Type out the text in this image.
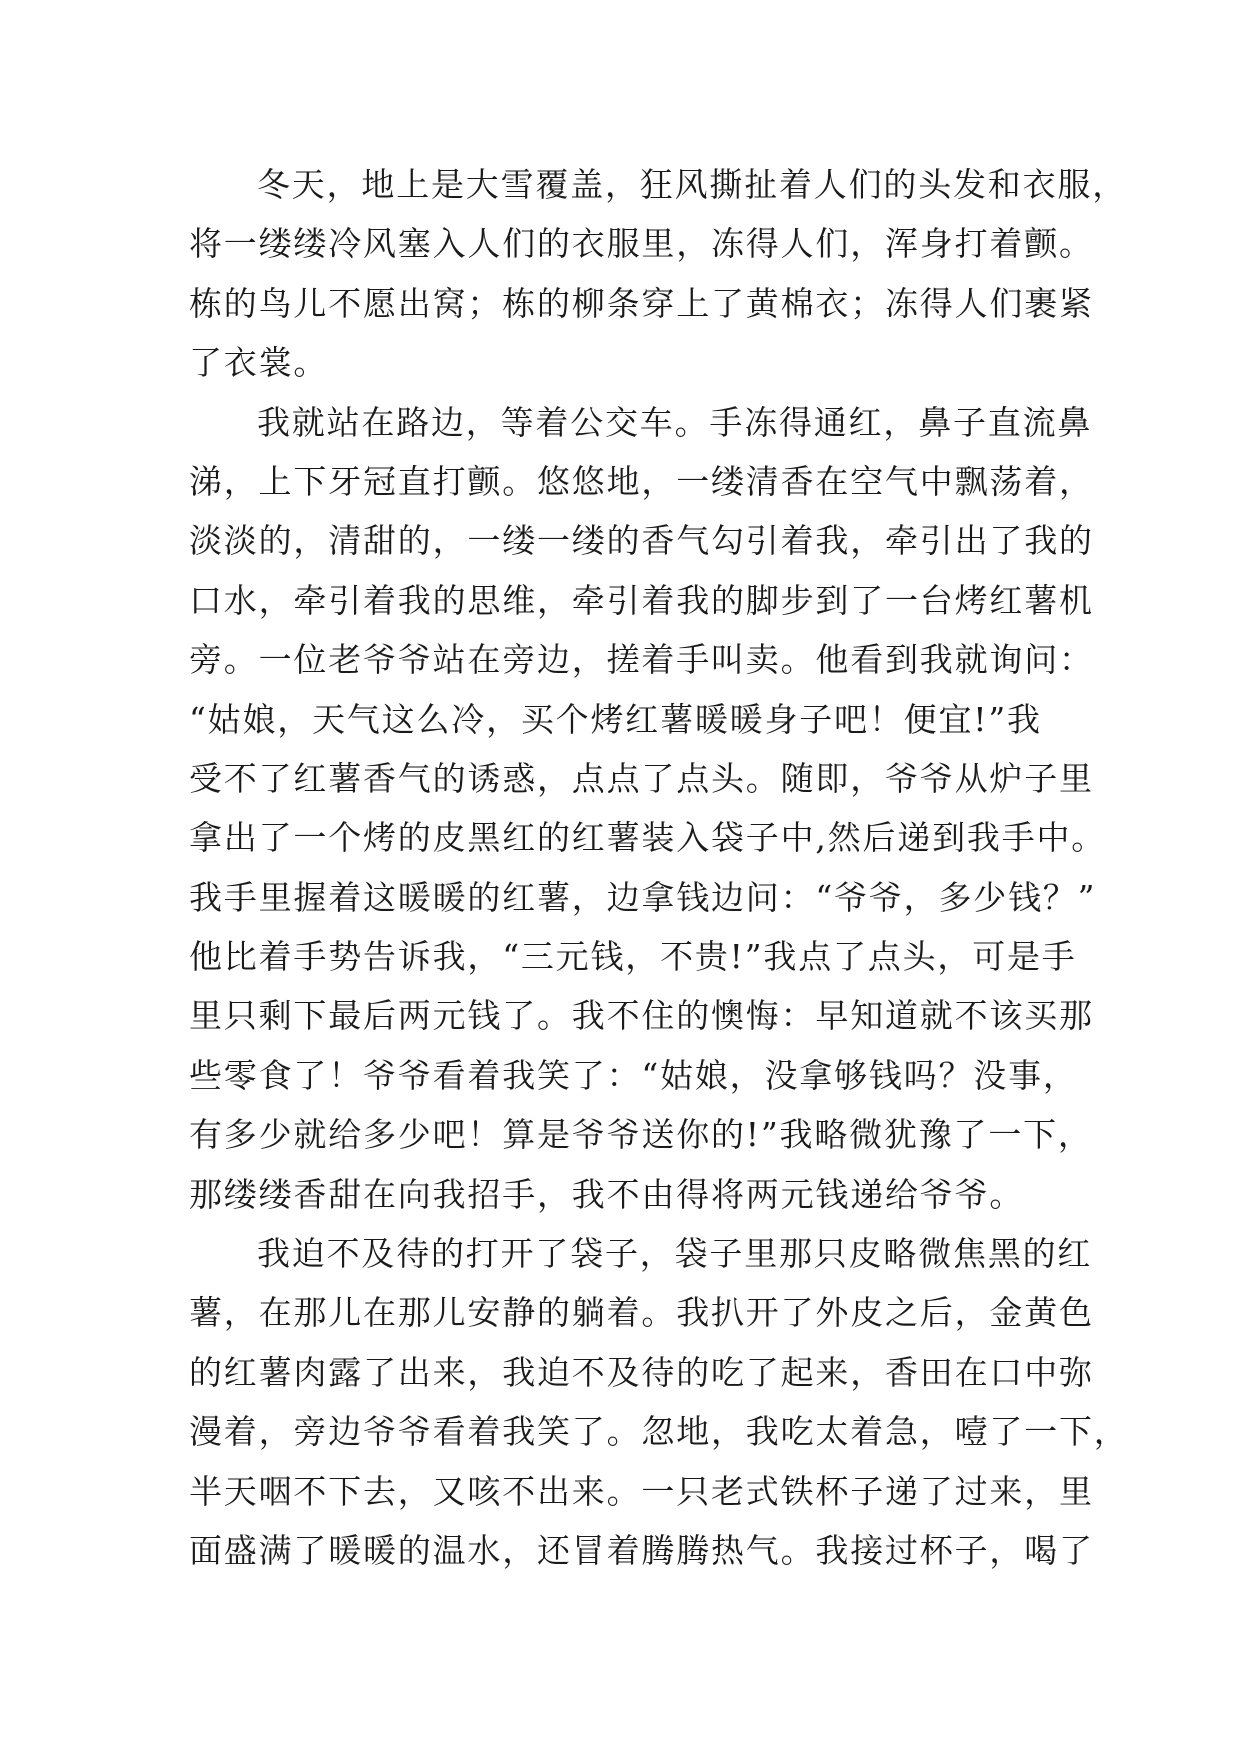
冬天，地上是大雪覆盖，狂风撕扯着人们的头发和衣服，
将一缕缕冷风塞入人们的衣服里，冻得人们，浑身打着颤。
栋的鸟儿不愿出窝；栋的柳条穿上了黄棉衣；冻得人们裹紧
了衣裳。
我就站在路边，等着公交车。手冻得通红，鼻子直流鼻
涕，上下牙冠直打颤。悠悠地，一缕清香在空气中飘荡着，
淡淡的，清甜的，一缕一缕的香气勾引着我，牵引出了我的
口水，牵引着我的思维，牵引着我的脚步到了一台烤红薯机
旁。一位老爷爷站在旁边，搓着手叫卖。他看到我就询问：
“姑娘，天气这么冷，买个烤红薯暖暖身子吧！便宜!”我
受不了红薯香气的诱惑，点点了点头。随即，爷爷从炉子里
拿出了一个烤的皮黑红的红薯装入袋子中,然后递到我手中。
我手里握着这暖暖的红薯，边拿钱边问：“爷爷，多少钱？”
他比着手势告诉我，“三元钱，不贵!”我点了点头，可是手
里只剩下最后两元钱了。我不住的懊悔：早知道就不该买那
些零食了！爷爷看着我笑了：“姑娘，没拿够钱吗？没事，
有多少就给多少吧！算是爷爷送你的!”我略微犹豫了一下，
那缕缕香甜在向我招手，我不由得将两元钱递给爷爷。
我迫不及待的打开了袋子，袋子里那只皮略微焦黑的红
薯，在那儿在那儿安静的躺着。我扒开了外皮之后，金黄色
的红薯肉露了出来，我迫不及待的吃了起来，香田在口中弥
漫着，旁边爷爷看着我笑了。忽地，我吃太着急，噎了一下，
半天咽不下去，又咳不出来。一只老式铁杯子递了过来，里
面盛满了暖暖的温水，还冒着腾腾热气。我接过杯子，喝了
